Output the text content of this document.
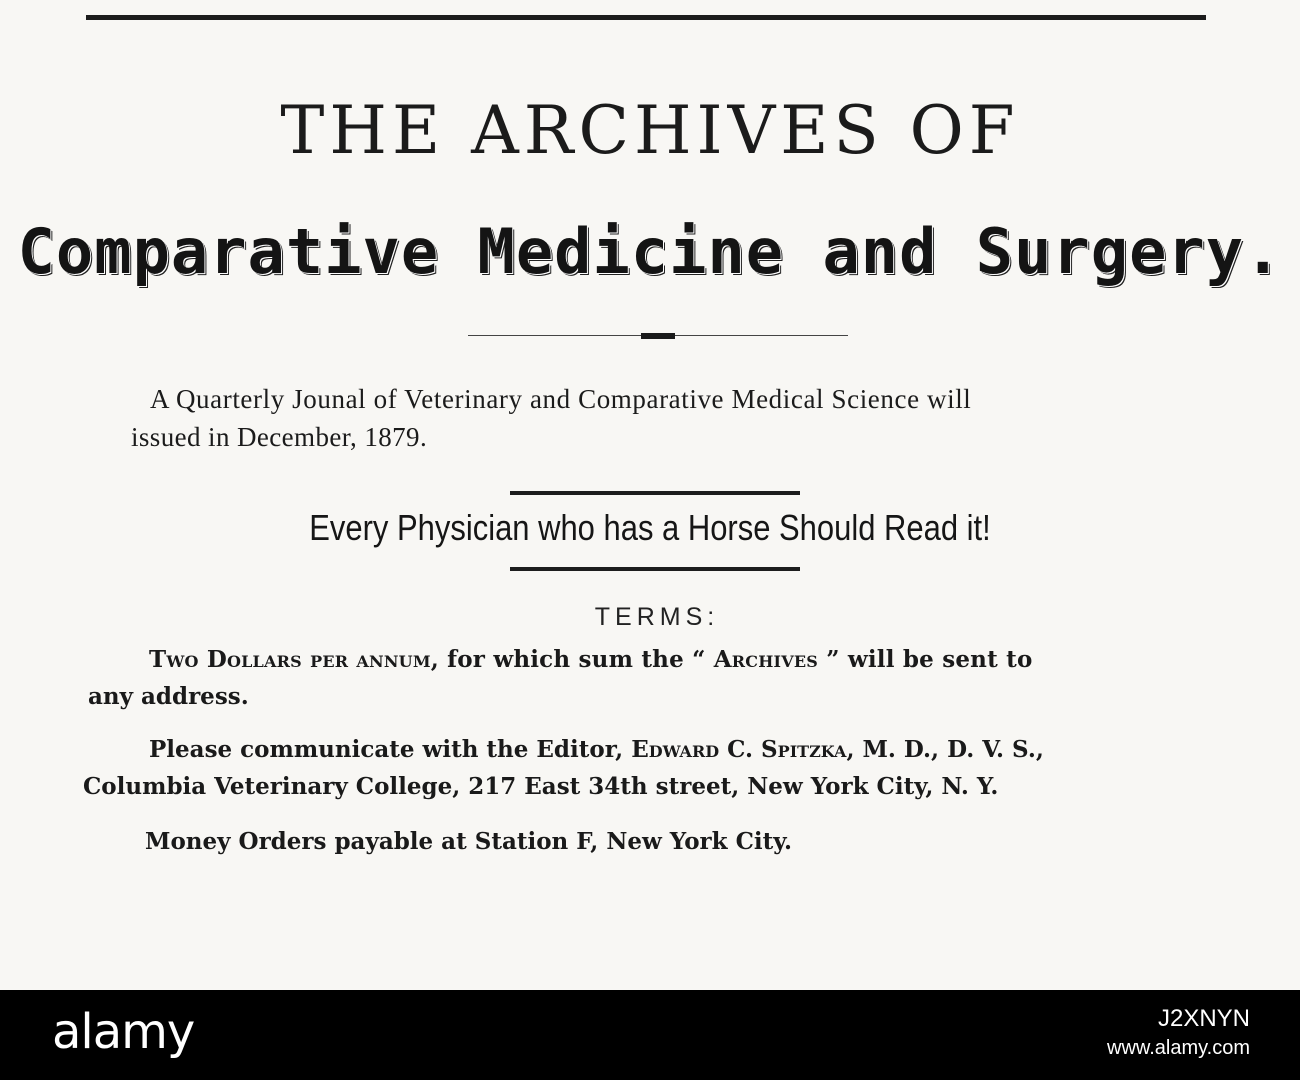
THE ARCHIVES OF
Comparative Medicine and Surgery.
A Quarterly Jounal of Veterinary and Comparative Medical Science will
issued in December, 1879.
Every Physician who has a Horse Should Read it!
TERMS:
Two Dollars per annum, for which sum the “ Archives ” will be sent to
any address.
Please communicate with the Editor, Edward C. Spitzka, M. D., D. V. S.,
Columbia Veterinary College, 217 East 34th street, New York City, N. Y.
Money Orders payable at Station F, New York City.
alamy	J2XNYN
www.alamy.com
